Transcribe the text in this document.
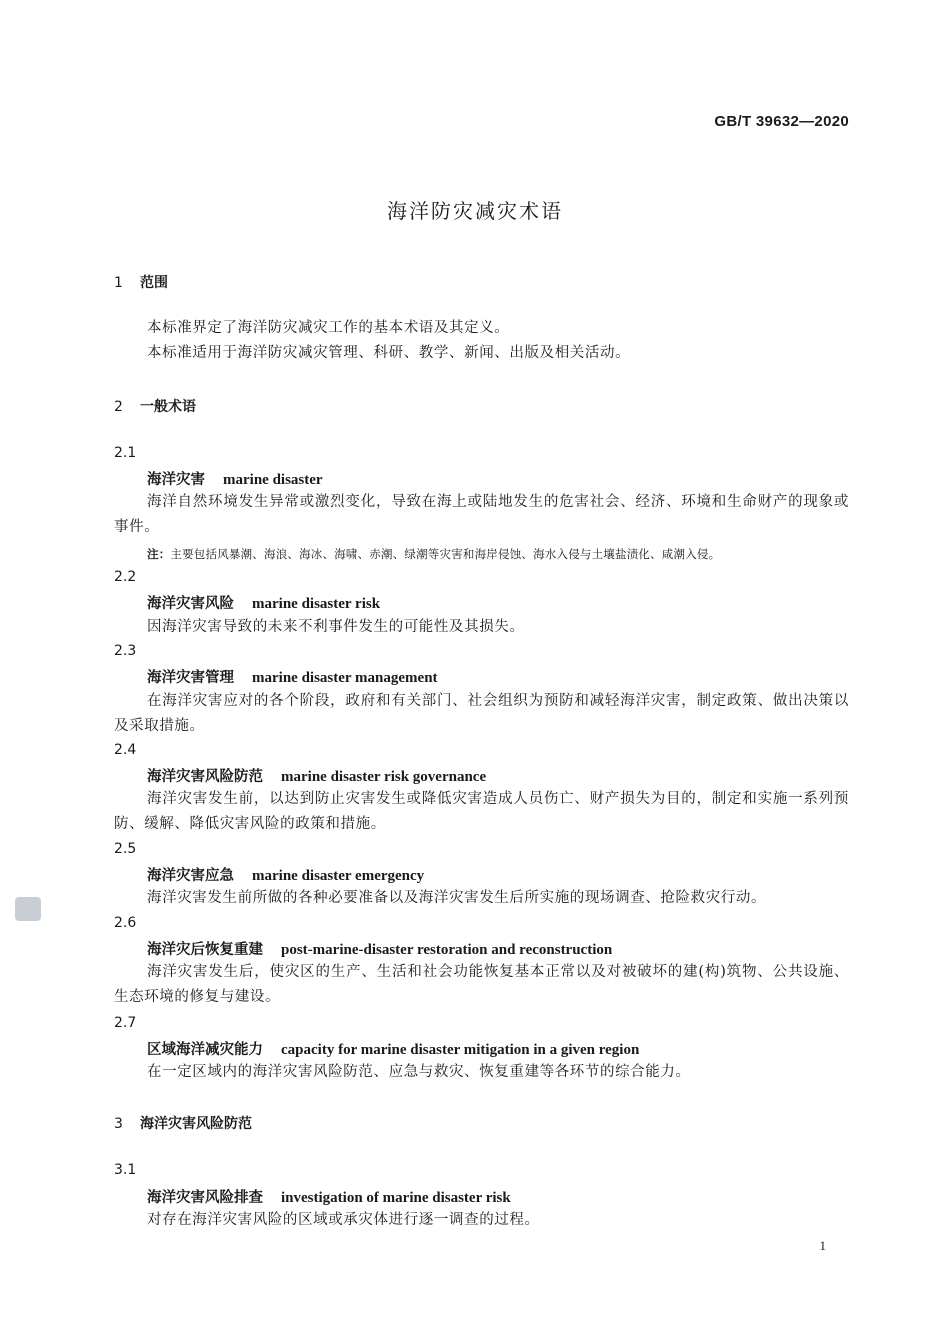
GB/T 39632—2020
海洋防灾减灾术语
1 范围
本标准界定了海洋防灾减灾工作的基本术语及其定义。
本标准适用于海洋防灾减灾管理、科研、教学、新闻、出版及相关活动。
2 一般术语
2.1
海洋灾害 marine disaster
海洋自然环境发生异常或激烈变化，导致在海上或陆地发生的危害社会、经济、环境和生命财产的现象或事件。
注：主要包括风暴潮、海浪、海冰、海啸、赤潮、绿潮等灾害和海岸侵蚀、海水入侵与土壤盐渍化、咸潮入侵。
2.2
海洋灾害风险 marine disaster risk
因海洋灾害导致的未来不利事件发生的可能性及其损失。
2.3
海洋灾害管理 marine disaster management
在海洋灾害应对的各个阶段，政府和有关部门、社会组织为预防和减轻海洋灾害，制定政策、做出决策以及采取措施。
2.4
海洋灾害风险防范 marine disaster risk governance
海洋灾害发生前，以达到防止灾害发生或降低灾害造成人员伤亡、财产损失为目的，制定和实施一系列预防、缓解、降低灾害风险的政策和措施。
2.5
海洋灾害应急 marine disaster emergency
海洋灾害发生前所做的各种必要准备以及海洋灾害发生后所实施的现场调查、抢险救灾行动。
2.6
海洋灾后恢复重建 post-marine-disaster restoration and reconstruction
海洋灾害发生后，使灾区的生产、生活和社会功能恢复基本正常以及对被破坏的建(构)筑物、公共设施、生态环境的修复与建设。
2.7
区域海洋减灾能力 capacity for marine disaster mitigation in a given region
在一定区域内的海洋灾害风险防范、应急与救灾、恢复重建等各环节的综合能力。
3 海洋灾害风险防范
3.1
海洋灾害风险排查 investigation of marine disaster risk
对存在海洋灾害风险的区域或承灾体进行逐一调查的过程。
1
